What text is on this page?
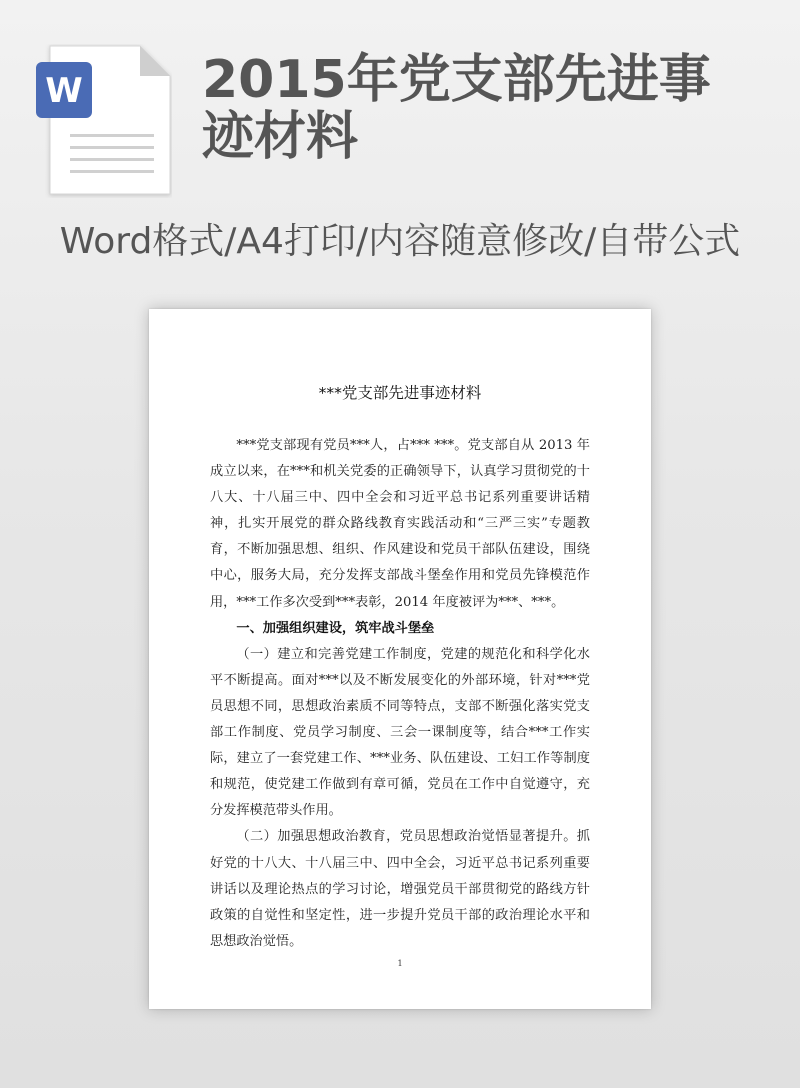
W 2015年党支部先进事迹材料
Word格式/A4打印/内容随意修改/自带公式
***党支部先进事迹材料

***党支部现有党员***人，占*** ***。党支部自从 2013 年成立以来，在***和机关党委的正确领导下，认真学习贯彻党的十八大、十八届三中、四中全会和习近平总书记系列重要讲话精神，扎实开展党的群众路线教育实践活动和“三严三实”专题教育，不断加强思想、组织、作风建设和党员干部队伍建设，围绕中心，服务大局，充分发挥支部战斗堡垒作用和党员先锋模范作用，***工作多次受到***表彰，2014 年度被评为***、***。

一、加强组织建设，筑牢战斗堡垒

（一）建立和完善党建工作制度，党建的规范化和科学化水平不断提高。面对***以及不断发展变化的外部环境，针对***党员思想不同，思想政治素质不同等特点，支部不断强化落实党支部工作制度、党员学习制度、三会一课制度等，结合***工作实际，建立了一套党建工作、***业务、队伍建设、工妇工作等制度和规范，使党建工作做到有章可循，党员在工作中自觉遵守，充分发挥模范带头作用。

（二）加强思想政治教育，党员思想政治觉悟显著提升。抓好党的十八大、十八届三中、四中全会，习近平总书记系列重要讲话以及理论热点的学习讨论，增强党员干部贯彻党的路线方针政策的自觉性和坚定性，进一步提升党员干部的政治理论水平和思想政治觉悟。

1
